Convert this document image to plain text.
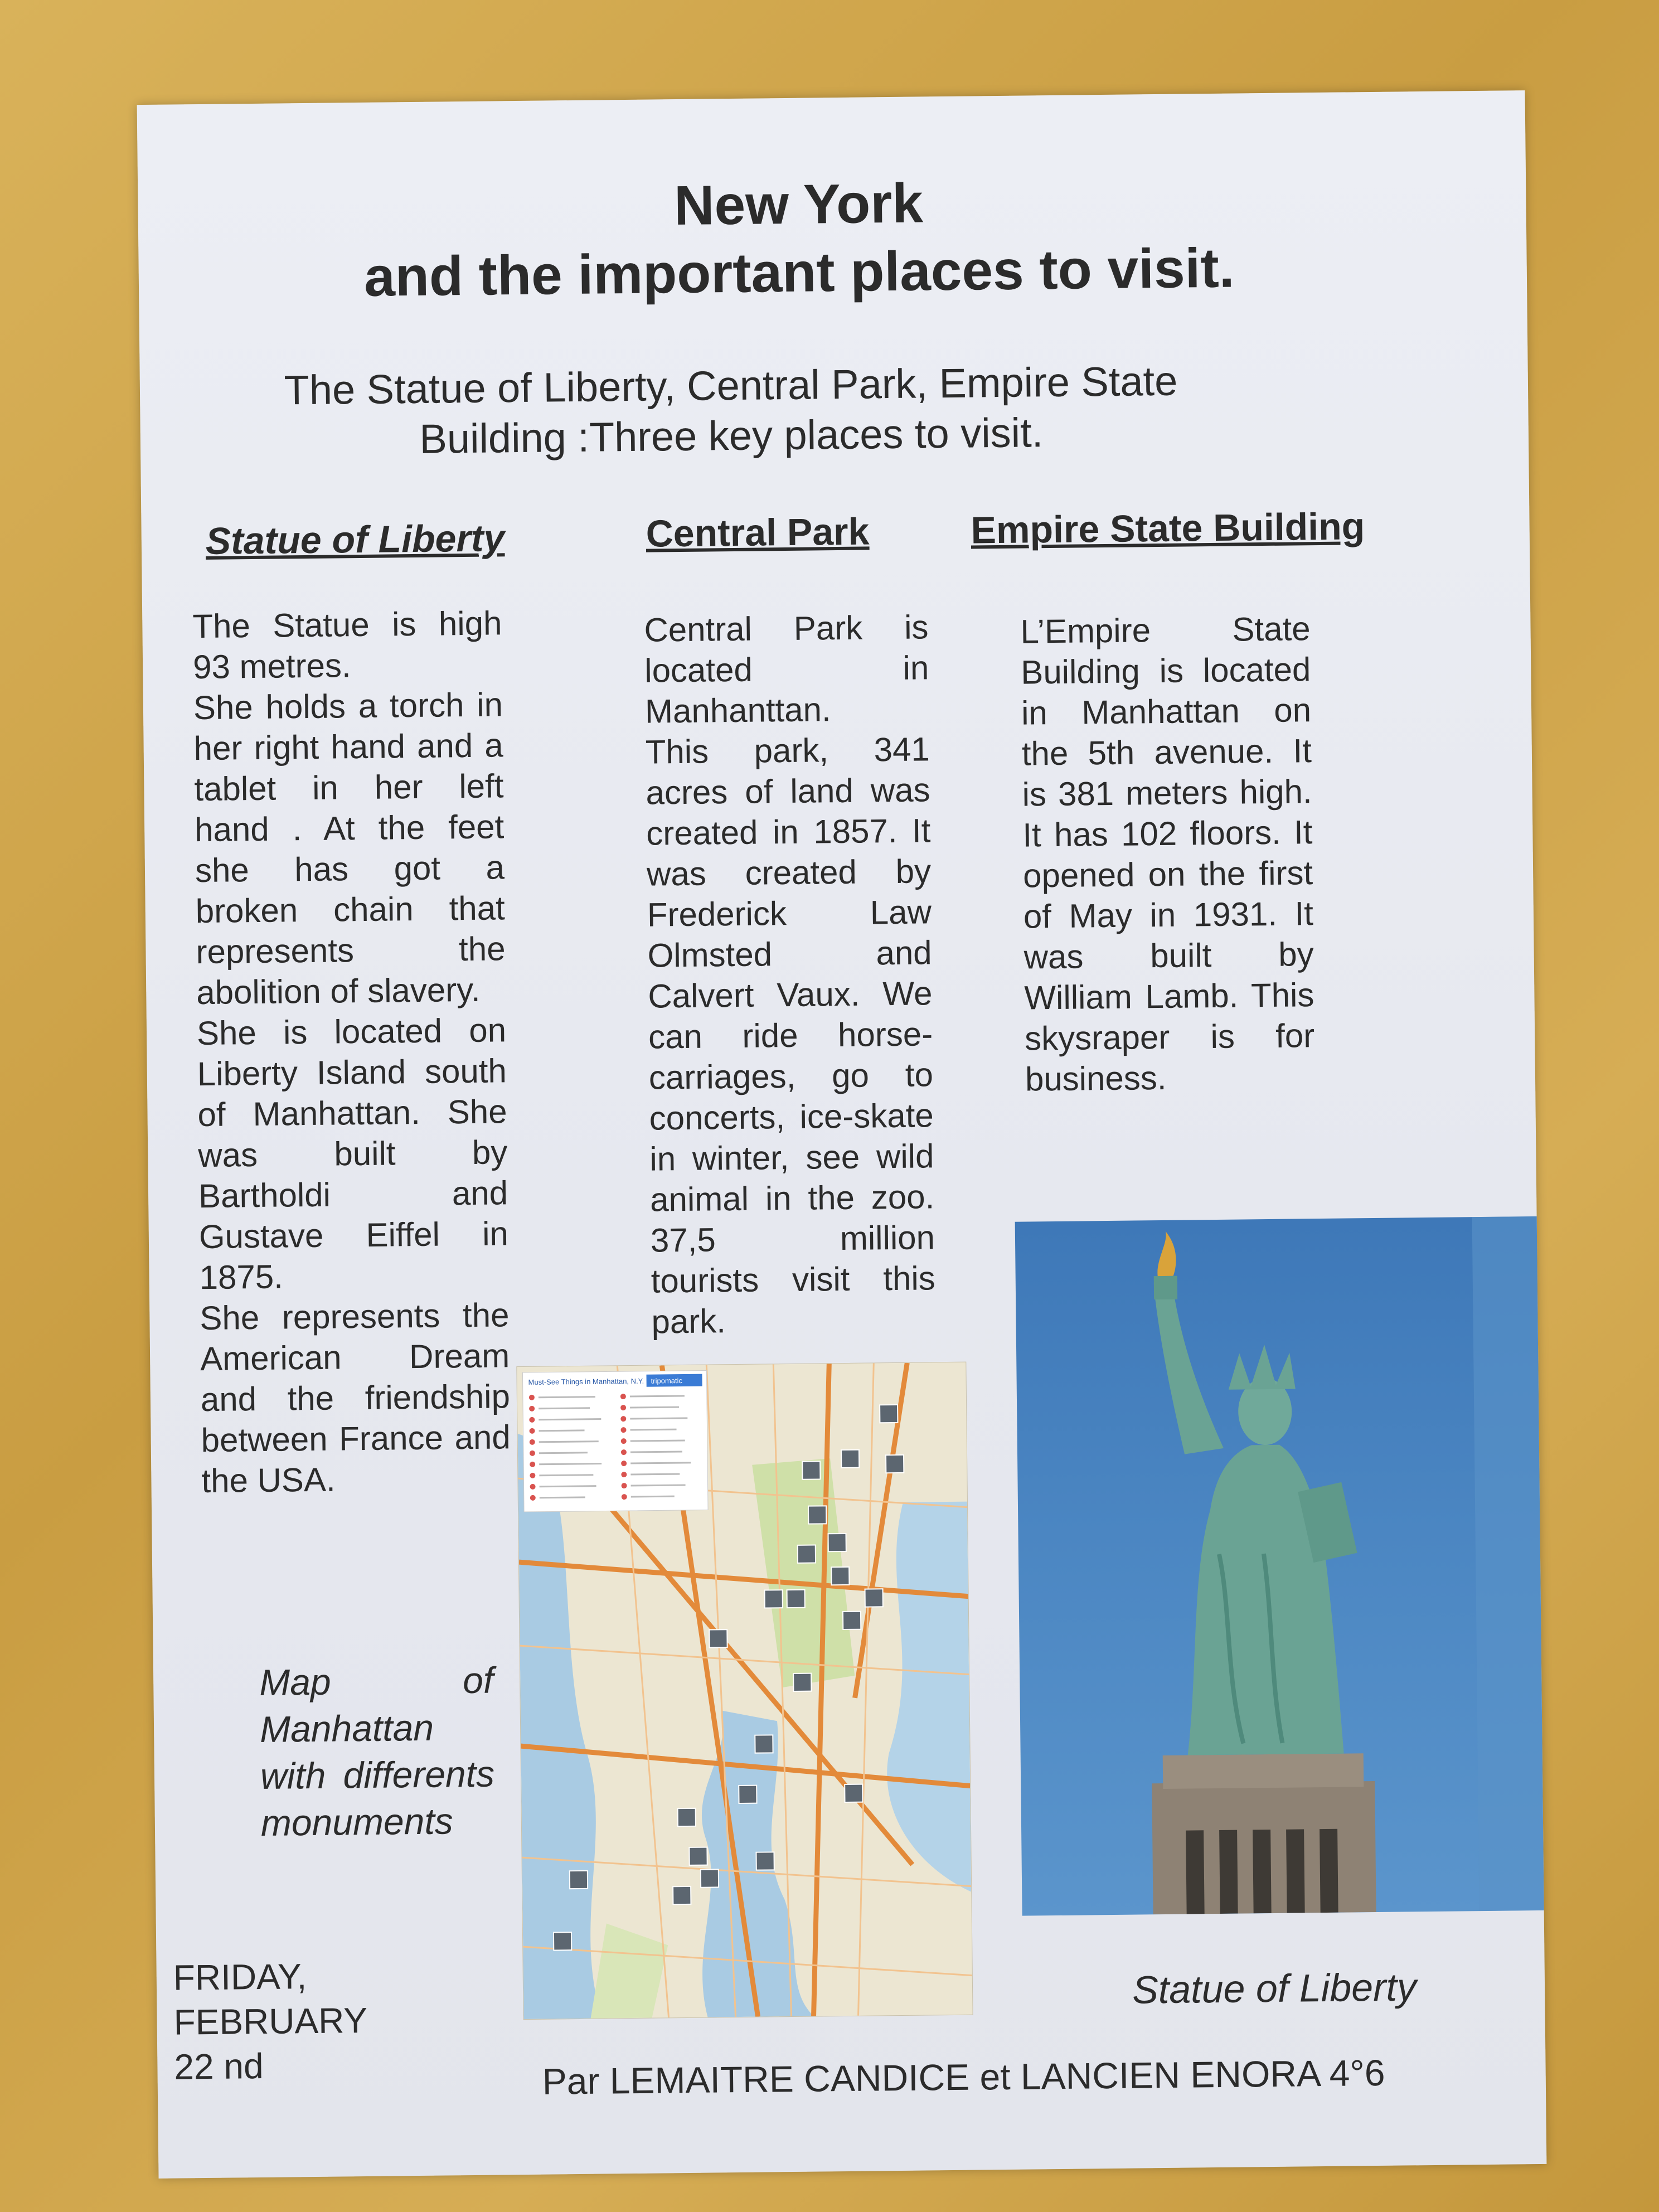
New York
and the important places to visit.
The Statue of Liberty, Central Park, Empire State
Building :Three key places to visit.
Statue of Liberty	Central Park	Empire State Building

The Statue is high 93 metres.

She holds a torch in her right hand and a tablet in her left hand . At the feet she has got a broken chain that represents the abolition of slavery.

She is located on Liberty Island south of Manhattan. She was built by Bartholdi and Gustave Eiffel in 1875.

She represents the American Dream and the friendship between France and the USA.

Central Park is located in Manhanttan.

This park, 341 acres of land was created in 1857. It was created by Frederick Law Olmsted and Calvert Vaux. We can ride horse-carriages, go to concerts, ice-skate in winter, see wild animal in the zoo. 37,5 million tourists visit this park.

L’Empire State Building is located in Manhattan on the 5th avenue. It is 381 meters high. It has 102 floors. It opened on the first of May in 1931. It was built by William Lamb. This skysraper is for business.

Map of Manhattan with differents monuments
Must-See Things in Manhattan, N.Y. tripomatic
Statue of Liberty
FRIDAY,
FEBRUARY
22 nd	Par LEMAITRE CANDICE et LANCIEN ENORA 4°6
